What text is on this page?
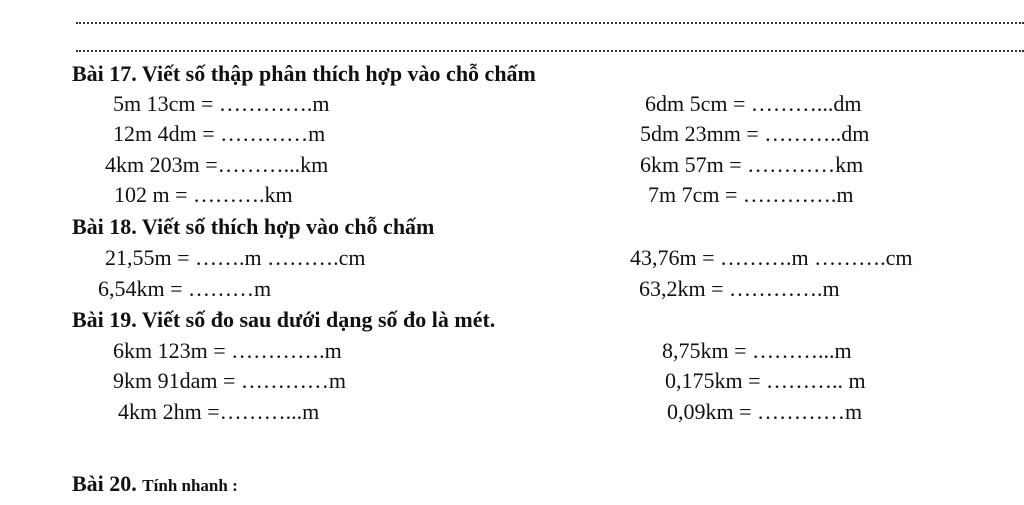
Bài 17. Viết số thập phân thích hợp vào chỗ chấm
5m 13cm = ………….m
12m 4dm = …………m
4km 203m =………...km
102 m = ……….km
6dm 5cm = ………...dm
5dm 23mm = ………..dm
6km 57m = …………km
7m 7cm = ………….m
Bài 18. Viết số thích hợp vào chỗ chấm
21,55m = …….m ……….cm
6,54km = ………m
43,76m = ……….m ……….cm
63,2km = ………….m
Bài 19. Viết số đo sau dưới dạng số đo là mét.
6km 123m = ………….m
9km 91dam = …………m
4km 2hm =………...m
8,75km = ………...m
0,175km = ……….. m
0,09km = …………m
Bài 20. Tính nhanh :
